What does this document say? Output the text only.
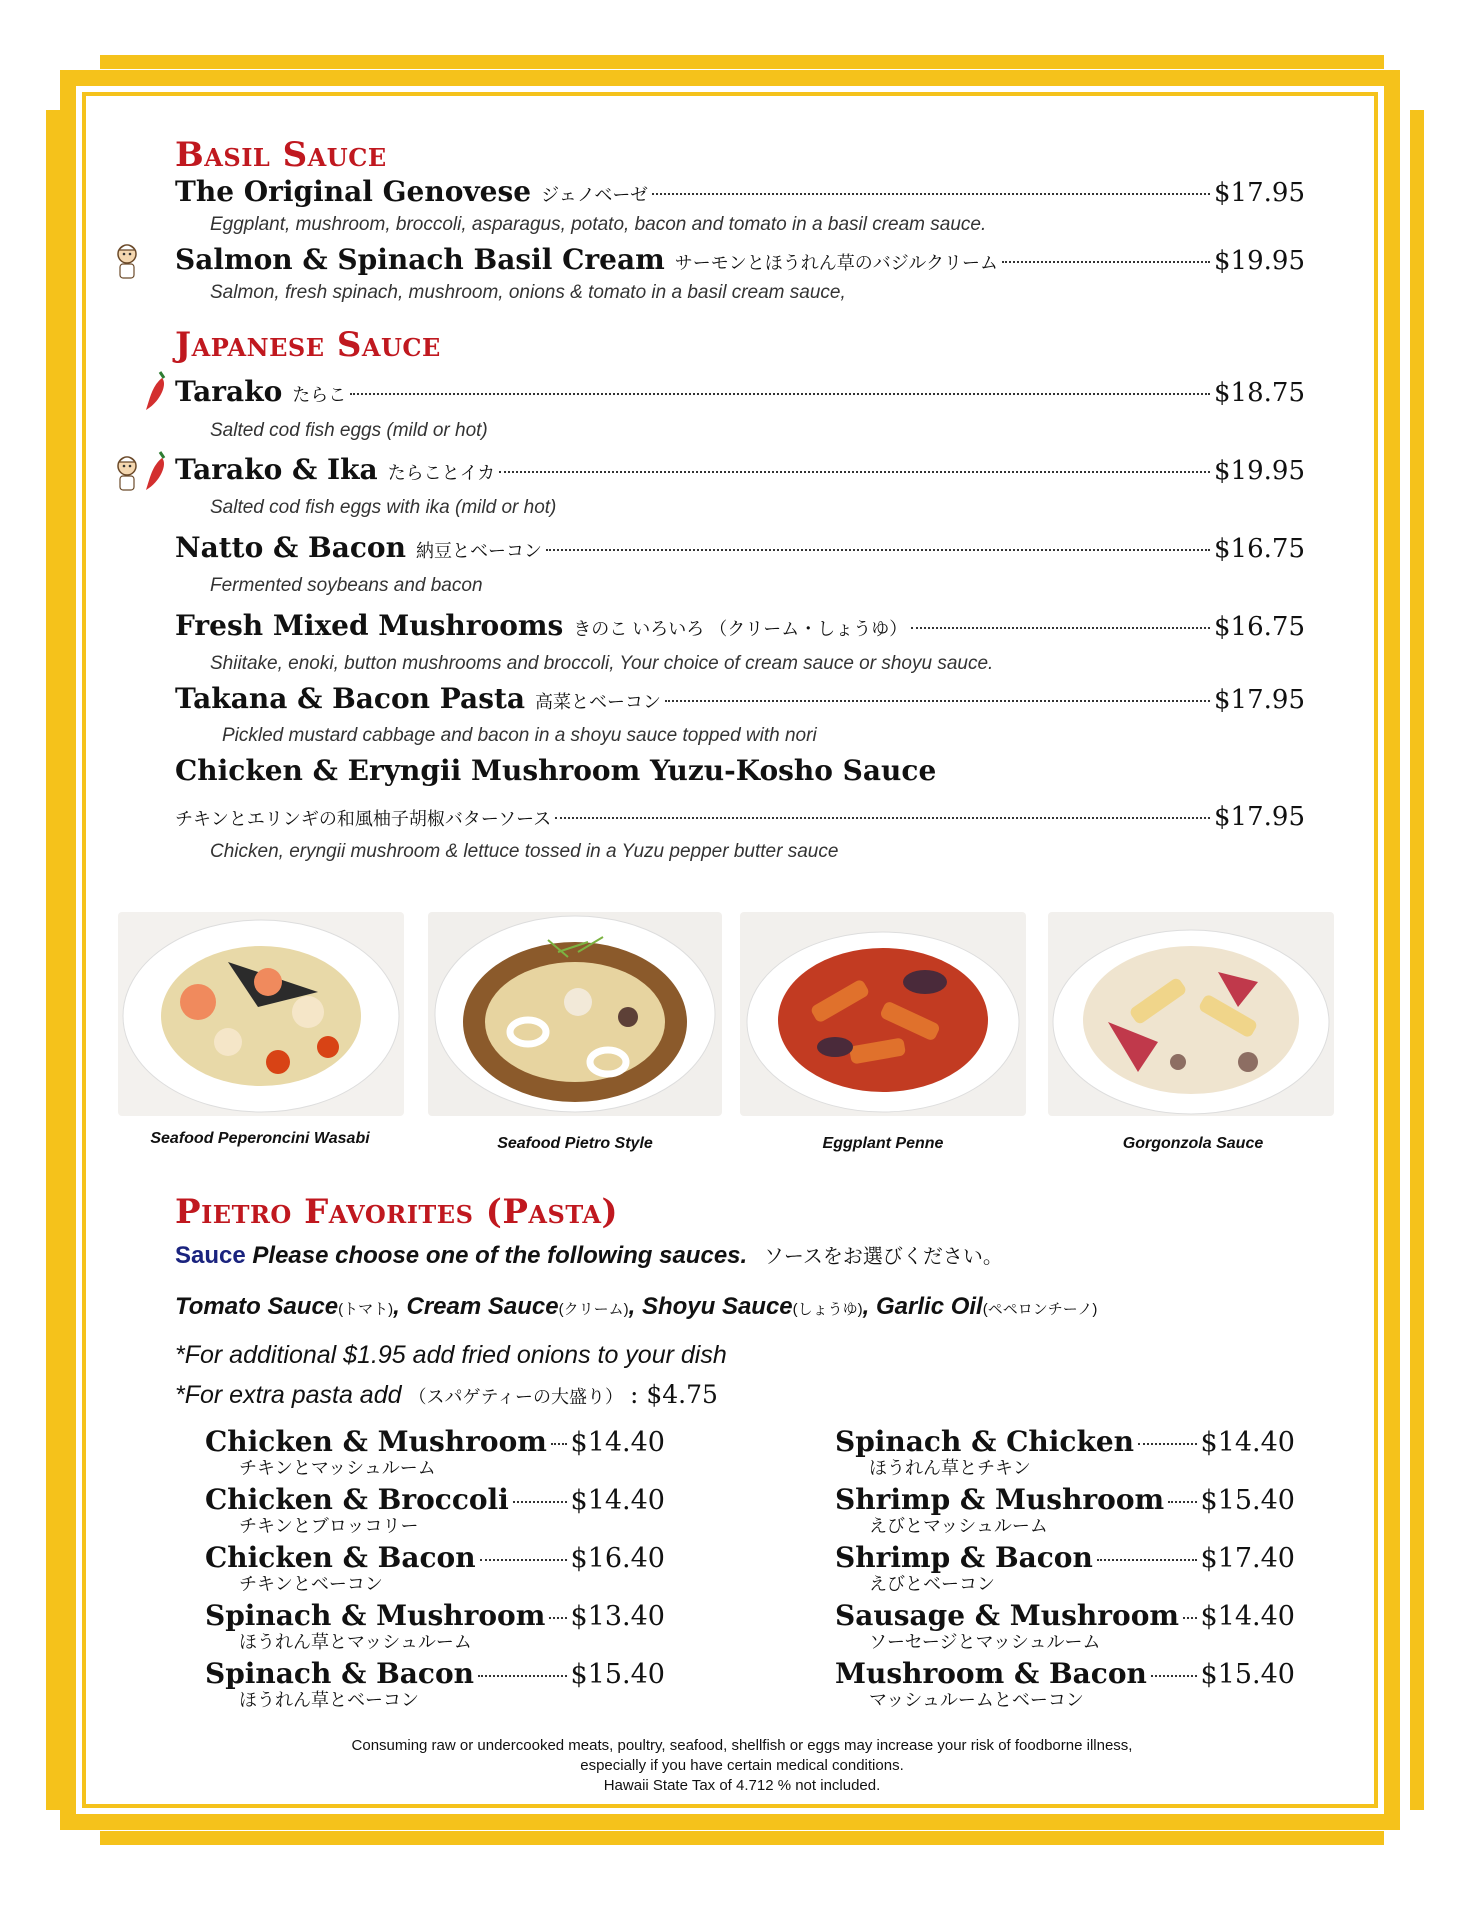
Basil Sauce
The Original Genovese ジェノベーゼ	$17.95
Eggplant, mushroom, broccoli, asparagus, potato, bacon and tomato in a basil cream sauce.
Salmon & Spinach Basil Cream サーモンとほうれん草のバジルクリーム	$19.95
Salmon, fresh spinach, mushroom, onions & tomato in a basil cream sauce,
Japanese Sauce
Tarako たらこ	$18.75
Salted cod fish eggs (mild or hot)
Tarako & Ika たらことイカ	$19.95
Salted cod fish eggs with ika (mild or hot)
Natto & Bacon 納豆とベーコン	$16.75
Fermented soybeans and bacon
Fresh Mixed Mushrooms きのこ いろいろ （クリーム・しょうゆ）	$16.75
Shiitake, enoki, button mushrooms and broccoli, Your choice of cream sauce or shoyu sauce.
Takana & Bacon Pasta 高菜とベーコン	$17.95
Pickled mustard cabbage and bacon in a shoyu sauce topped with nori
Chicken & Eryngii Mushroom Yuzu-Kosho Sauce
チキンとエリンギの和風柚子胡椒バターソース	$17.95
Chicken, eryngii mushroom & lettuce tossed in a Yuzu pepper butter sauce
Seafood Peperoncini Wasabi	Seafood Pietro Style	Eggplant Penne	Gorgonzola Sauce
Pietro Favorites (Pasta)
Sauce Please choose one of the following sauces. ソースをお選びください。
Tomato Sauce(トマト), Cream Sauce(クリーム), Shoyu Sauce(しょうゆ), Garlic Oil(ペペロンチーノ)
*For additional $1.95 add fried onions to your dish
*For extra pasta add （スパゲティーの大盛り） : $4.75
Chicken & Mushroom $14.40
チキンとマッシュルーム
Chicken & Broccoli $14.40
チキンとブロッコリー
Chicken & Bacon	$16.40
チキンとベーコン
Spinach & Mushroom $13.40
ほうれん草とマッシュルーム
Spinach & Bacon	$15.40
ほうれん草とベーコン
Spinach & Chicken $14.40
ほうれん草とチキン
Shrimp & Mushroom $15.40
えびとマッシュルーム
Shrimp & Bacon	$17.40
えびとベーコン
Sausage & Mushroom $14.40
ソーセージとマッシュルーム
Mushroom & Bacon $15.40
マッシュルームとベーコン
Consuming raw or undercooked meats, poultry, seafood, shellfish or eggs may increase your risk of foodborne illness,
especially if you have certain medical conditions.
Hawaii State Tax of 4.712 % not included.
